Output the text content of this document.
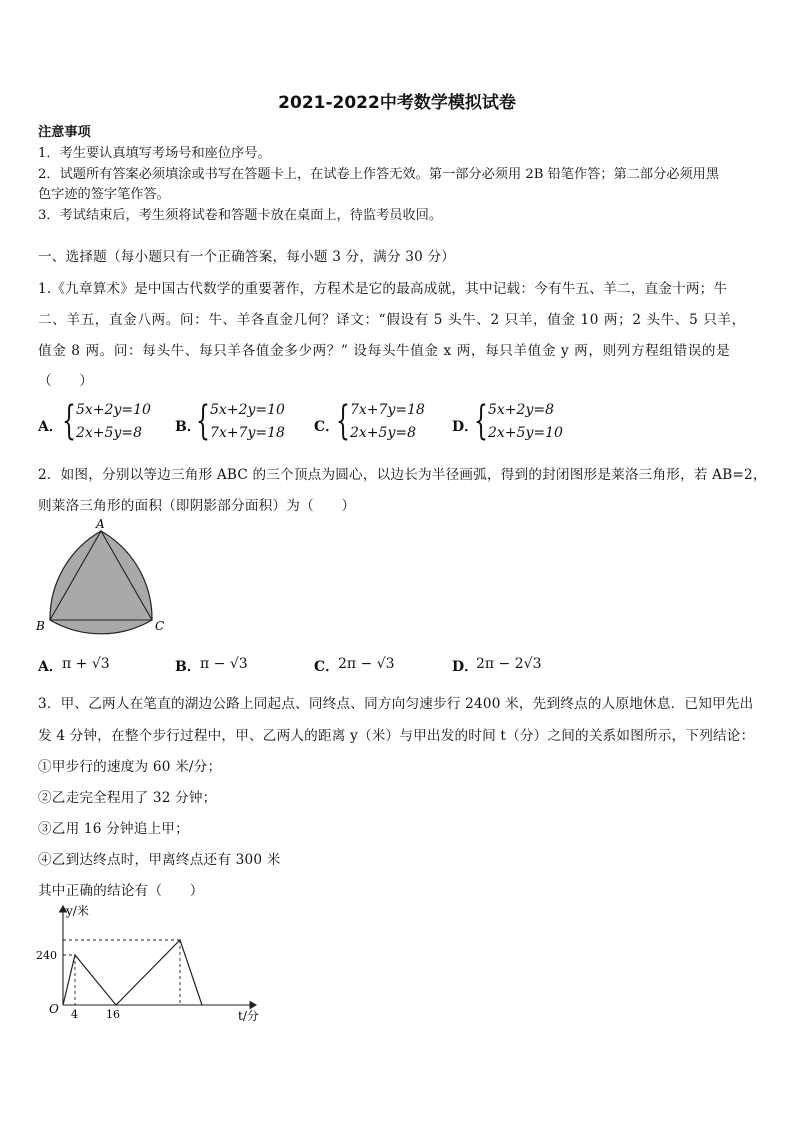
2021-2022中考数学模拟试卷
注意事项
1．考生要认真填写考场号和座位序号。
2．试题所有答案必须填涂或书写在答题卡上，在试卷上作答无效。第一部分必须用 2B 铅笔作答；第二部分必须用黑
色字迹的签字笔作答。
3．考试结束后，考生须将试卷和答题卡放在桌面上，待监考员收回。
一、选择题（每小题只有一个正确答案，每小题 3 分，满分 30 分）
1.《九章算术》是中国古代数学的重要著作，方程术是它的最高成就，其中记载：今有牛五、羊二，直金十两；牛
二、羊五，直金八两。问：牛、羊各直金几何？译文：“假设有 5 头牛、2 只羊，值金 10 两；2 头牛、5 只羊，
值金 8 两。问：每头牛、每只羊各值金多少两？” 设每头牛值金 x 两，每只羊值金 y 两，则列方程组错误的是
（　　）
A． { 5x+2y=10
2x+5y=8 B．
{ 5x+2y=10
7x+7y=18 C．
{ 7x+7y=18
2x+5y=8	D．
{ 5x+2y=8
2x+5y=10
2．如图，分别以等边三角形 ABC 的三个顶点为圆心，以边长为半径画弧，得到的封闭图形是莱洛三角形，若 AB=2，
则莱洛三角形的面积（即阴影部分面积）为（　　）
A
B	C
A． π + √3	B． π − √3	C．
2π − √3	D．
2π − 2√3
3．甲、乙两人在笔直的湖边公路上同起点、同终点、同方向匀速步行 2400 米，先到终点的人原地休息．已知甲先出
发 4 分钟，在整个步行过程中，甲、乙两人的距离 y（米）与甲出发的时间 t（分）之间的关系如图所示，下列结论：
①甲步行的速度为 60 米/分；
②乙走完全程用了 32 分钟；
③乙用 16 分钟追上甲；
④乙到达终点时，甲离终点还有 300 米
其中正确的结论有（　　）
y/米
t/分
O
240
4	16
